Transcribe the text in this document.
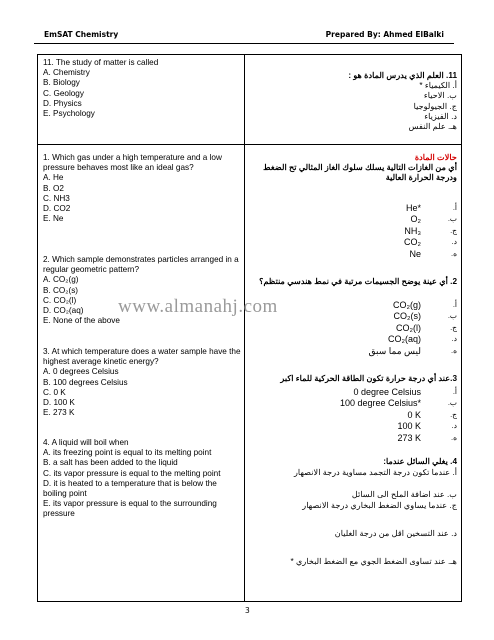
EmSAT Chemistry	Prepared By: Ahmed ElBalki
11. The study of matter is called
A. Chemistry
B. Biology
C. Geology
D. Physics
E. Psychology
11. العلم الذي يدرس المادة هو :
أ. الكيمياء *
ب. الاحياء
ج. الجيولوجيا
د. الفيزياء
هـ. علم النفس
1. Which gas under a high temperature and a low pressure behaves most like an ideal gas?
A. He
B. O2
C. NH3
D. CO2
E. Ne
2. Which sample demonstrates particles arranged in a regular geometric pattern?
A. CO₂(g)
B. CO₂(s)
C. CO₂(l)
D. CO₂(aq)
E. None of the above
3. At which temperature does a water sample have the highest average kinetic energy?
A. 0 degrees Celsius
B. 100 degrees Celsius
C. 0 K
D. 100 K
E. 273 K
4. A liquid will boil when
A. its freezing point is equal to its melting point
B. a salt has been added to the liquid
C. its vapor pressure is equal to the melting point
D. it is heated to a temperature that is below the boiling point
E. its vapor pressure is equal to the surrounding pressure
حالات المادة
أي من الغازات التالية يسلك سلوك الغاز المثالي تح الضغط ودرجة الحرارة العالية
He*	أ.
O₂	ب.
NH₃	ج.
CO₂	د.
Ne	ه.
2. أي عينة يوضح الجسيمات مرتبة في نمط هندسي منتظم؟
CO₂(g)	أ.
CO₂(s)	ب.
CO₂(l)	ج.
CO₂(aq)	د.
ليس مما سبق	ه.
3.عند أي درجة حرارة تكون الطاقة الحركية للماء اكبر
0 degree Celsius	أ.
100 degree Celsius*	ب.
0 K	ج.
100 K	د.
273 K	ه.
4. يغلي السائل عندما:
أ. عندما تكون درجة التجمد مساوية درجة الانصهار
ب. عند اضافة الملح الى السائل
ج. عندما يساوي الضغط البخاري درجة الانصهار
د. عند التسخين اقل من درجة الغليان
هـ. عند تساوى الضغط الجوي مع الضغط البخاري *
www.almanahj.com
3
